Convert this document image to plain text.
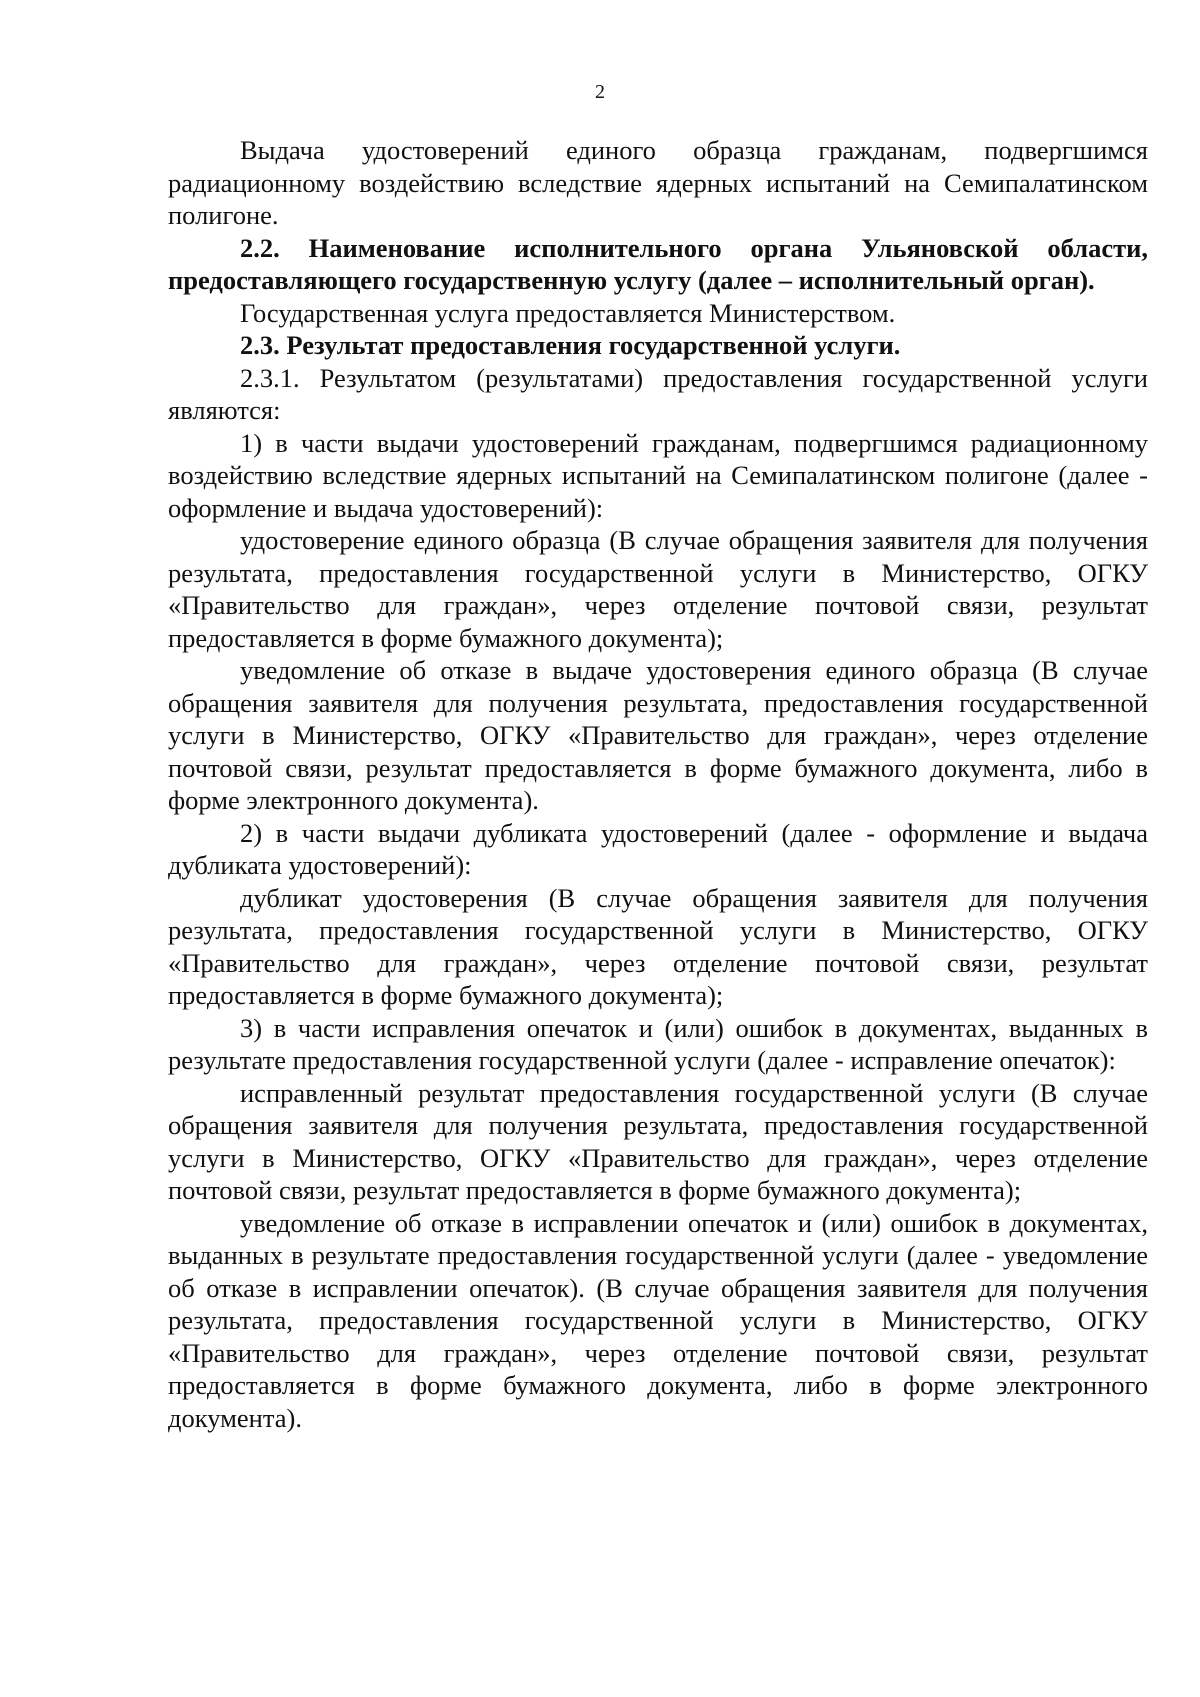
2

Выдача удостоверений единого образца гражданам, подвергшимся радиационному воздействию вследствие ядерных испытаний на Семипалатинском полигоне.

2.2. Наименование исполнительного органа Ульяновской области, предоставляющего государственную услугу (далее – исполнительный орган).

Государственная услуга предоставляется Министерством.

2.3. Результат предоставления государственной услуги.

2.3.1. Результатом (результатами) предоставления государственной услуги являются:

1) в части выдачи удостоверений гражданам, подвергшимся радиационному воздействию вследствие ядерных испытаний на Семипалатинском полигоне (далее - оформление и выдача удостоверений):

удостоверение единого образца (В случае обращения заявителя для получения результата, предоставления государственной услуги в Министерство, ОГКУ «Правительство для граждан», через отделение почтовой связи, результат предоставляется в форме бумажного документа);

уведомление об отказе в выдаче удостоверения единого образца (В случае обращения заявителя для получения результата, предоставления государственной услуги в Министерство, ОГКУ «Правительство для граждан», через отделение почтовой связи, результат предоставляется в форме бумажного документа, либо в форме электронного документа).

2) в части выдачи дубликата удостоверений (далее - оформление и выдача дубликата удостоверений):

дубликат удостоверения (В случае обращения заявителя для получения результата, предоставления государственной услуги в Министерство, ОГКУ «Правительство для граждан», через отделение почтовой связи, результат предоставляется в форме бумажного документа);

3) в части исправления опечаток и (или) ошибок в документах, выданных в результате предоставления государственной услуги (далее - исправление опечаток):

исправленный результат предоставления государственной услуги (В случае обращения заявителя для получения результата, предоставления государственной услуги в Министерство, ОГКУ «Правительство для граждан», через отделение почтовой связи, результат предоставляется в форме бумажного документа);

уведомление об отказе в исправлении опечаток и (или) ошибок в документах, выданных в результате предоставления государственной услуги (далее - уведомление об отказе в исправлении опечаток). (В случае обращения заявителя для получения результата, предоставления государственной услуги в Министерство, ОГКУ «Правительство для граждан», через отделение почтовой связи, результат предоставляется в форме бумажного документа, либо в форме электронного документа).
